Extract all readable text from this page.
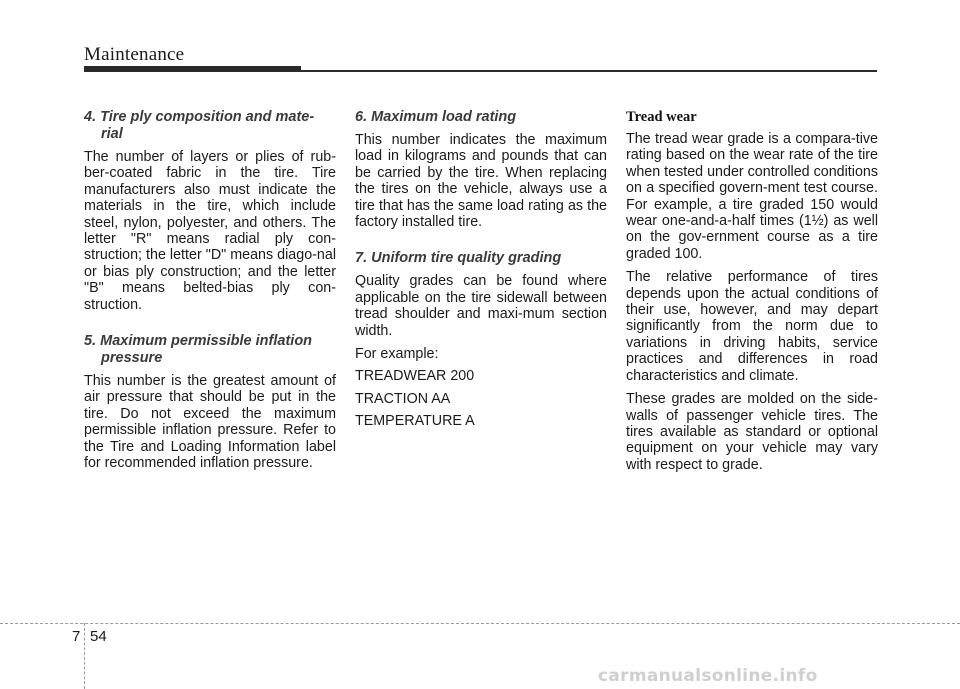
Maintenance
4. Tire ply composition and mate-
rial

The number of layers or plies of rub-ber-coated fabric in the tire. Tire manufacturers also must indicate the materials in the tire, which include steel, nylon, polyester, and others. The letter "R" means radial ply con-struction; the letter "D" means diago-nal or bias ply construction; and the letter "B" means belted-bias ply con-struction.

5. Maximum permissible inflation
pressure

This number is the greatest amount of air pressure that should be put in the tire. Do not exceed the maximum permissible inflation pressure. Refer to the Tire and Loading Information label for recommended inflation pressure.

6. Maximum load rating

This number indicates the maximum load in kilograms and pounds that can be carried by the tire. When replacing the tires on the vehicle, always use a tire that has the same load rating as the factory installed tire.

7. Uniform tire quality grading

Quality grades can be found where applicable on the tire sidewall between tread shoulder and maxi-mum section width.

For example:

TREADWEAR 200

TRACTION AA

TEMPERATURE A

Tread wear

The tread wear grade is a compara-tive rating based on the wear rate of the tire when tested under controlled conditions on a specified govern-ment test course. For example, a tire graded 150 would wear one-and-a-half times (1½) as well on the gov-ernment course as a tire graded 100.

The relative performance of tires depends upon the actual conditions of their use, however, and may depart significantly from the norm due to variations in driving habits, service practices and differences in road characteristics and climate.

These grades are molded on the side-walls of passenger vehicle tires. The tires available as standard or optional equipment on your vehicle may vary with respect to grade.

7 54
carmanualsonline.info
